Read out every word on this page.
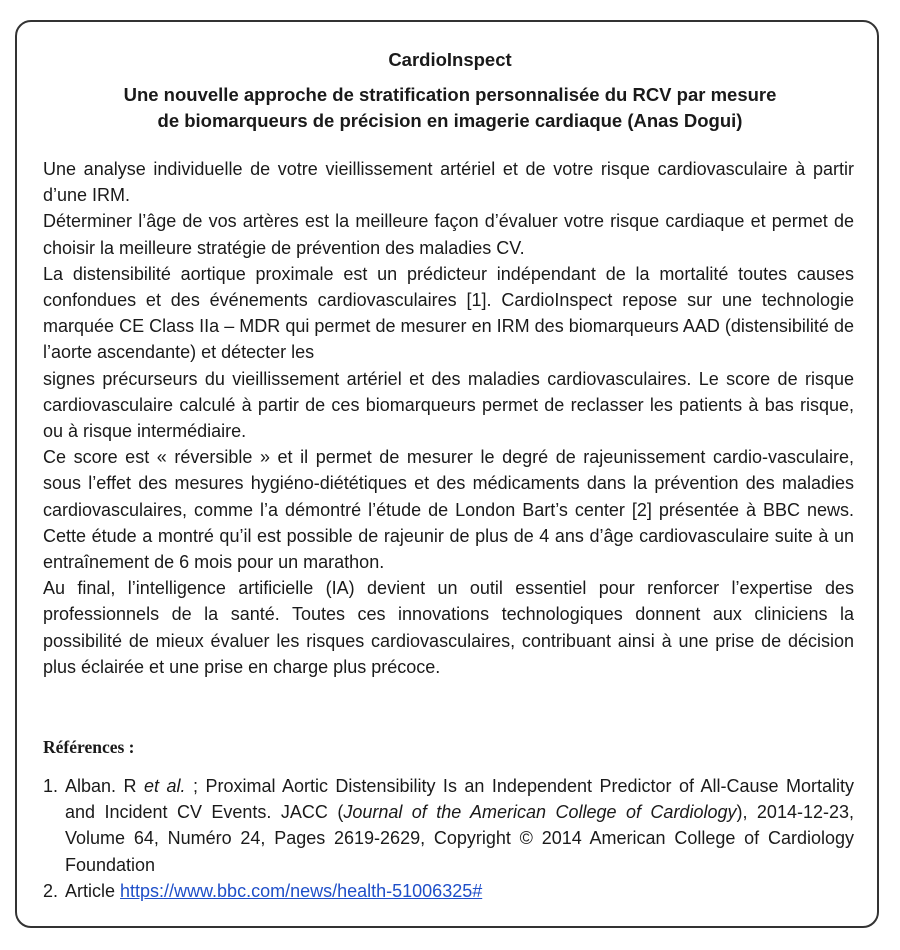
CardioInspect
Une nouvelle approche de stratification personnalisée du RCV par mesure
de biomarqueurs de précision en imagerie cardiaque (Anas Dogui)

Une analyse individuelle de votre vieillissement artériel et de votre risque cardiovasculaire à partir d’une IRM.

Déterminer l’âge de vos artères est la meilleure façon d’évaluer votre risque cardiaque et permet de choisir la meilleure stratégie de prévention des maladies CV.

La distensibilité aortique proximale est un prédicteur indépendant de la mortalité toutes causes confondues et des événements cardiovasculaires [1]. CardioInspect repose sur une technologie marquée CE Class IIa – MDR qui permet de mesurer en IRM des biomarqueurs AAD (distensibilité de l’aorte ascendante) et détecter les

signes précurseurs du vieillissement artériel et des maladies cardiovasculaires. Le score de risque cardiovasculaire calculé à partir de ces biomarqueurs permet de reclasser les patients à bas risque, ou à risque intermédiaire.

Ce score est « réversible » et il permet de mesurer le degré de rajeunissement cardio-vasculaire, sous l’effet des mesures hygiéno-diététiques et des médicaments dans la prévention des maladies cardiovasculaires, comme l’a démontré l’étude de London Bart’s center [2] présentée à BBC news. Cette étude a montré qu’il est possible de rajeunir de plus de 4 ans d’âge cardiovasculaire suite à un entraînement de 6 mois pour un marathon.

Au final, l’intelligence artificielle (IA) devient un outil essentiel pour renforcer l’expertise des professionnels de la santé. Toutes ces innovations technologiques donnent aux cliniciens la possibilité de mieux évaluer les risques cardiovasculaires, contribuant ainsi à une prise de décision plus éclairée et une prise en charge plus précoce.

Références :
1. Alban. R et al. ; Proximal Aortic Distensibility Is an Independent Predictor of All-Cause Mortality and Incident CV Events. JACC (Journal of the American College of Cardiology), 2014-12-23, Volume 64, Numéro 24, Pages 2619-2629, Copyright © 2014 American College of Cardiology Foundation
2. Article https://www.bbc.com/news/health-51006325#
